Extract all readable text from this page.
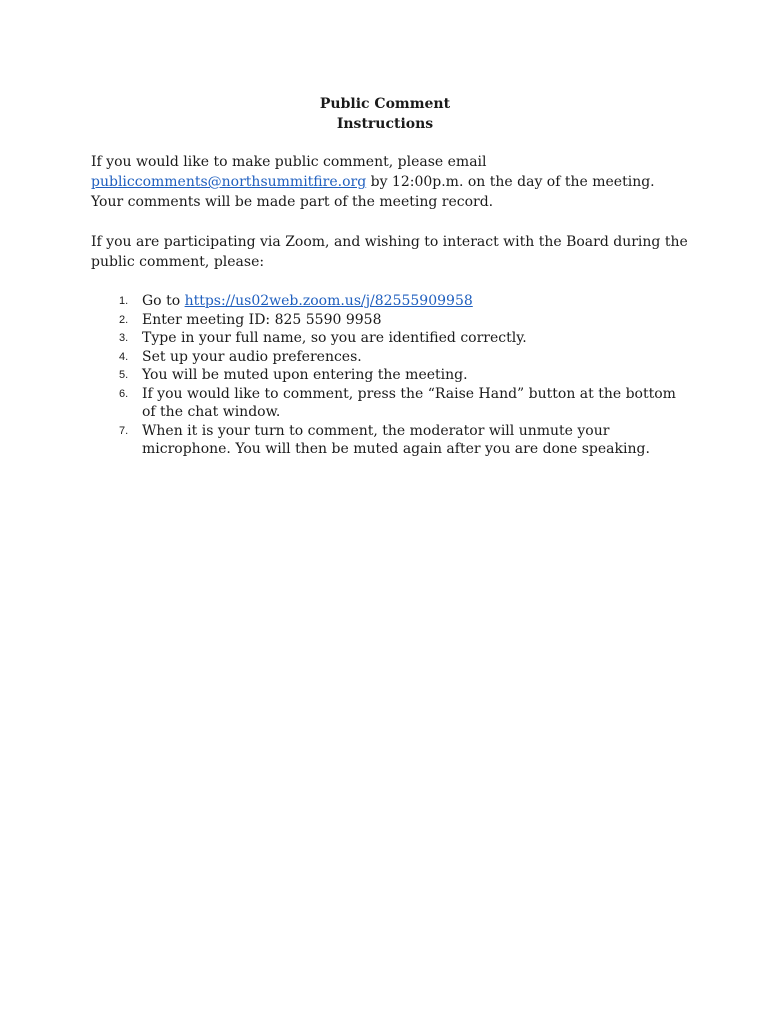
Public Comment
Instructions
If you would like to make public comment, please email publiccomments@northsummitfire.org by 12:00p.m. on the day of the meeting. Your comments will be made part of the meeting record.
If you are participating via Zoom, and wishing to interact with the Board during the public comment, please:
1. Go to https://us02web.zoom.us/j/82555909958
2. Enter meeting ID: 825 5590 9958
3. Type in your full name, so you are identified correctly.
4. Set up your audio preferences.
5. You will be muted upon entering the meeting.
6. If you would like to comment, press the “Raise Hand” button at the bottom of the chat window.
7. When it is your turn to comment, the moderator will unmute your microphone. You will then be muted again after you are done speaking.
